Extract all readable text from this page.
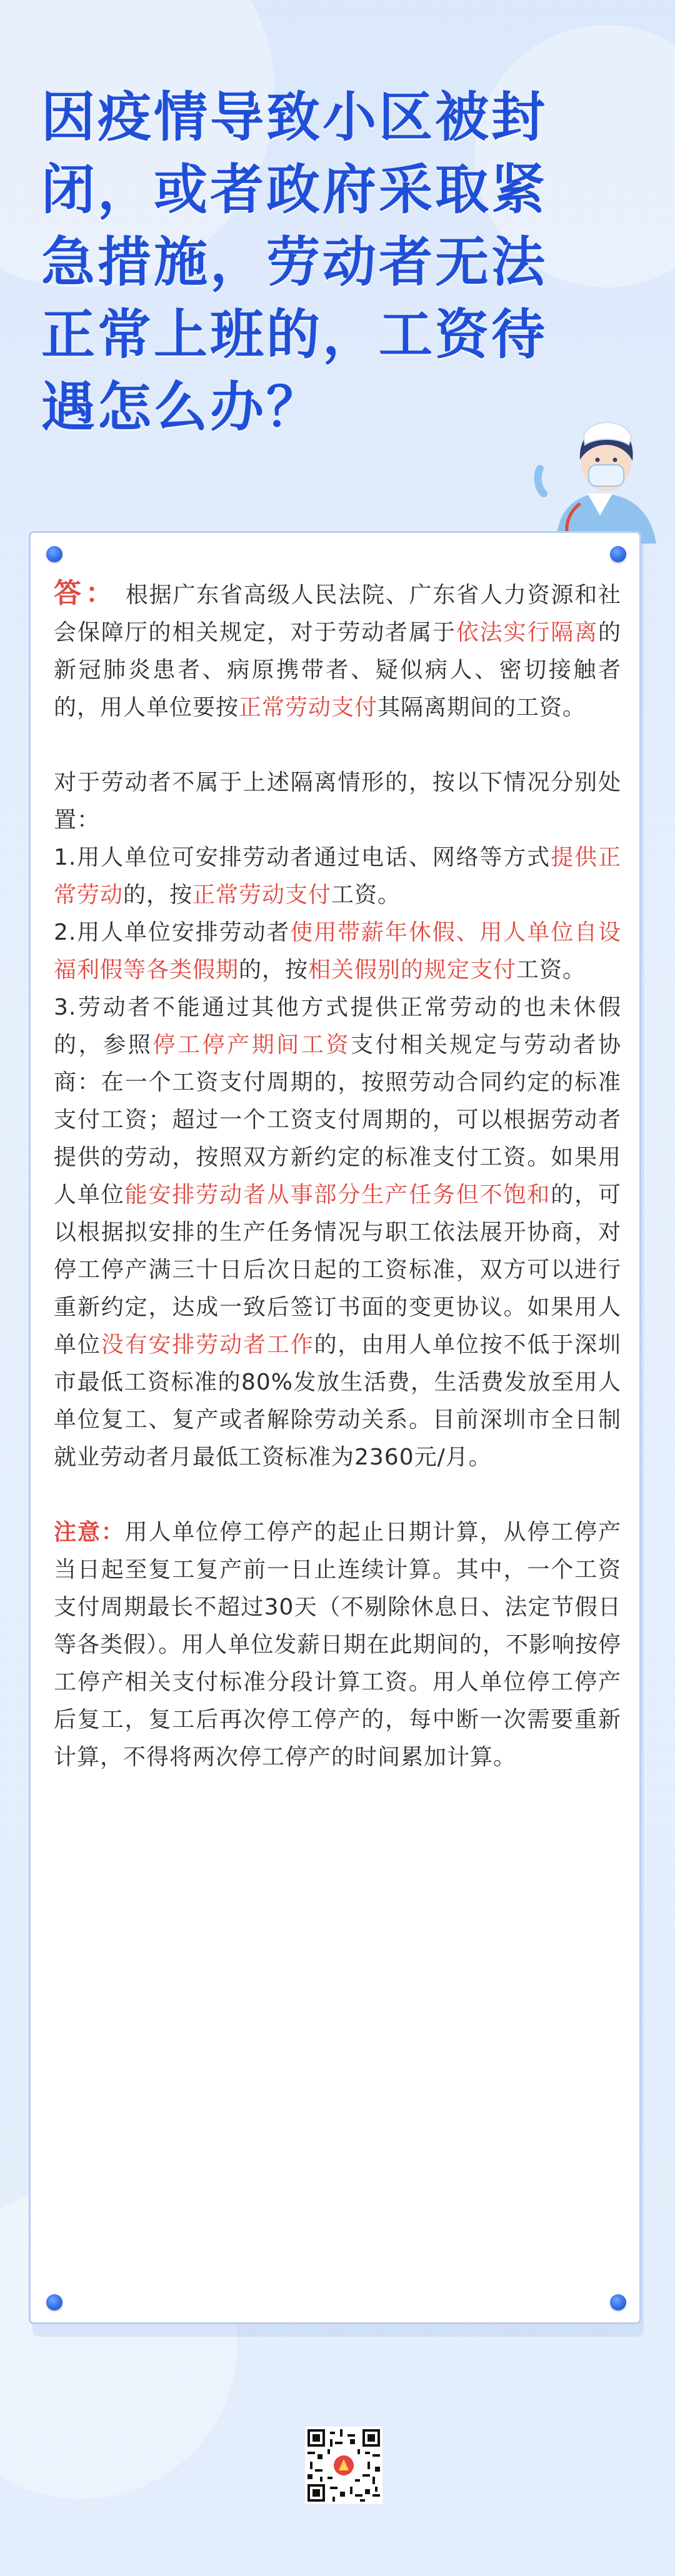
因疫情导致小区被封
闭，或者政府采取紧
急措施，劳动者无法
正常上班的，工资待
遇怎么办？

答： 根据广东省高级人民法院、广东省人力资源和社会保障厅的相关规定，对于劳动者属于依法实行隔离的新冠肺炎患者、病原携带者、疑似病人、密切接触者的，用人单位要按正常劳动支付其隔离期间的工资。

对于劳动者不属于上述隔离情形的，按以下情况分别处置：

1.用人单位可安排劳动者通过电话、网络等方式提供正常劳动的，按正常劳动支付工资。

2.用人单位安排劳动者使用带薪年休假、用人单位自设福利假等各类假期的，按相关假别的规定支付工资。

3.劳动者不能通过其他方式提供正常劳动的也未休假的，参照停工停产期间工资支付相关规定与劳动者协商：在一个工资支付周期的，按照劳动合同约定的标准支付工资；超过一个工资支付周期的，可以根据劳动者提供的劳动，按照双方新约定的标准支付工资。如果用人单位能安排劳动者从事部分生产任务但不饱和的，可以根据拟安排的生产任务情况与职工依法展开协商，对停工停产满三十日后次日起的工资标准，双方可以进行重新约定，达成一致后签订书面的变更协议。如果用人单位没有安排劳动者工作的，由用人单位按不低于深圳市最低工资标准的80%发放生活费，生活费发放至用人单位复工、复产或者解除劳动关系。目前深圳市全日制就业劳动者月最低工资标准为2360元/月。

注意：用人单位停工停产的起止日期计算，从停工停产当日起至复工复产前一日止连续计算。其中，一个工资支付周期最长不超过30天（不剔除休息日、法定节假日等各类假）。用人单位发薪日期在此期间的，不影响按停工停产相关支付标准分段计算工资。用人单位停工停产后复工，复工后再次停工停产的，每中断一次需要重新计算，不得将两次停工停产的时间累加计算。
